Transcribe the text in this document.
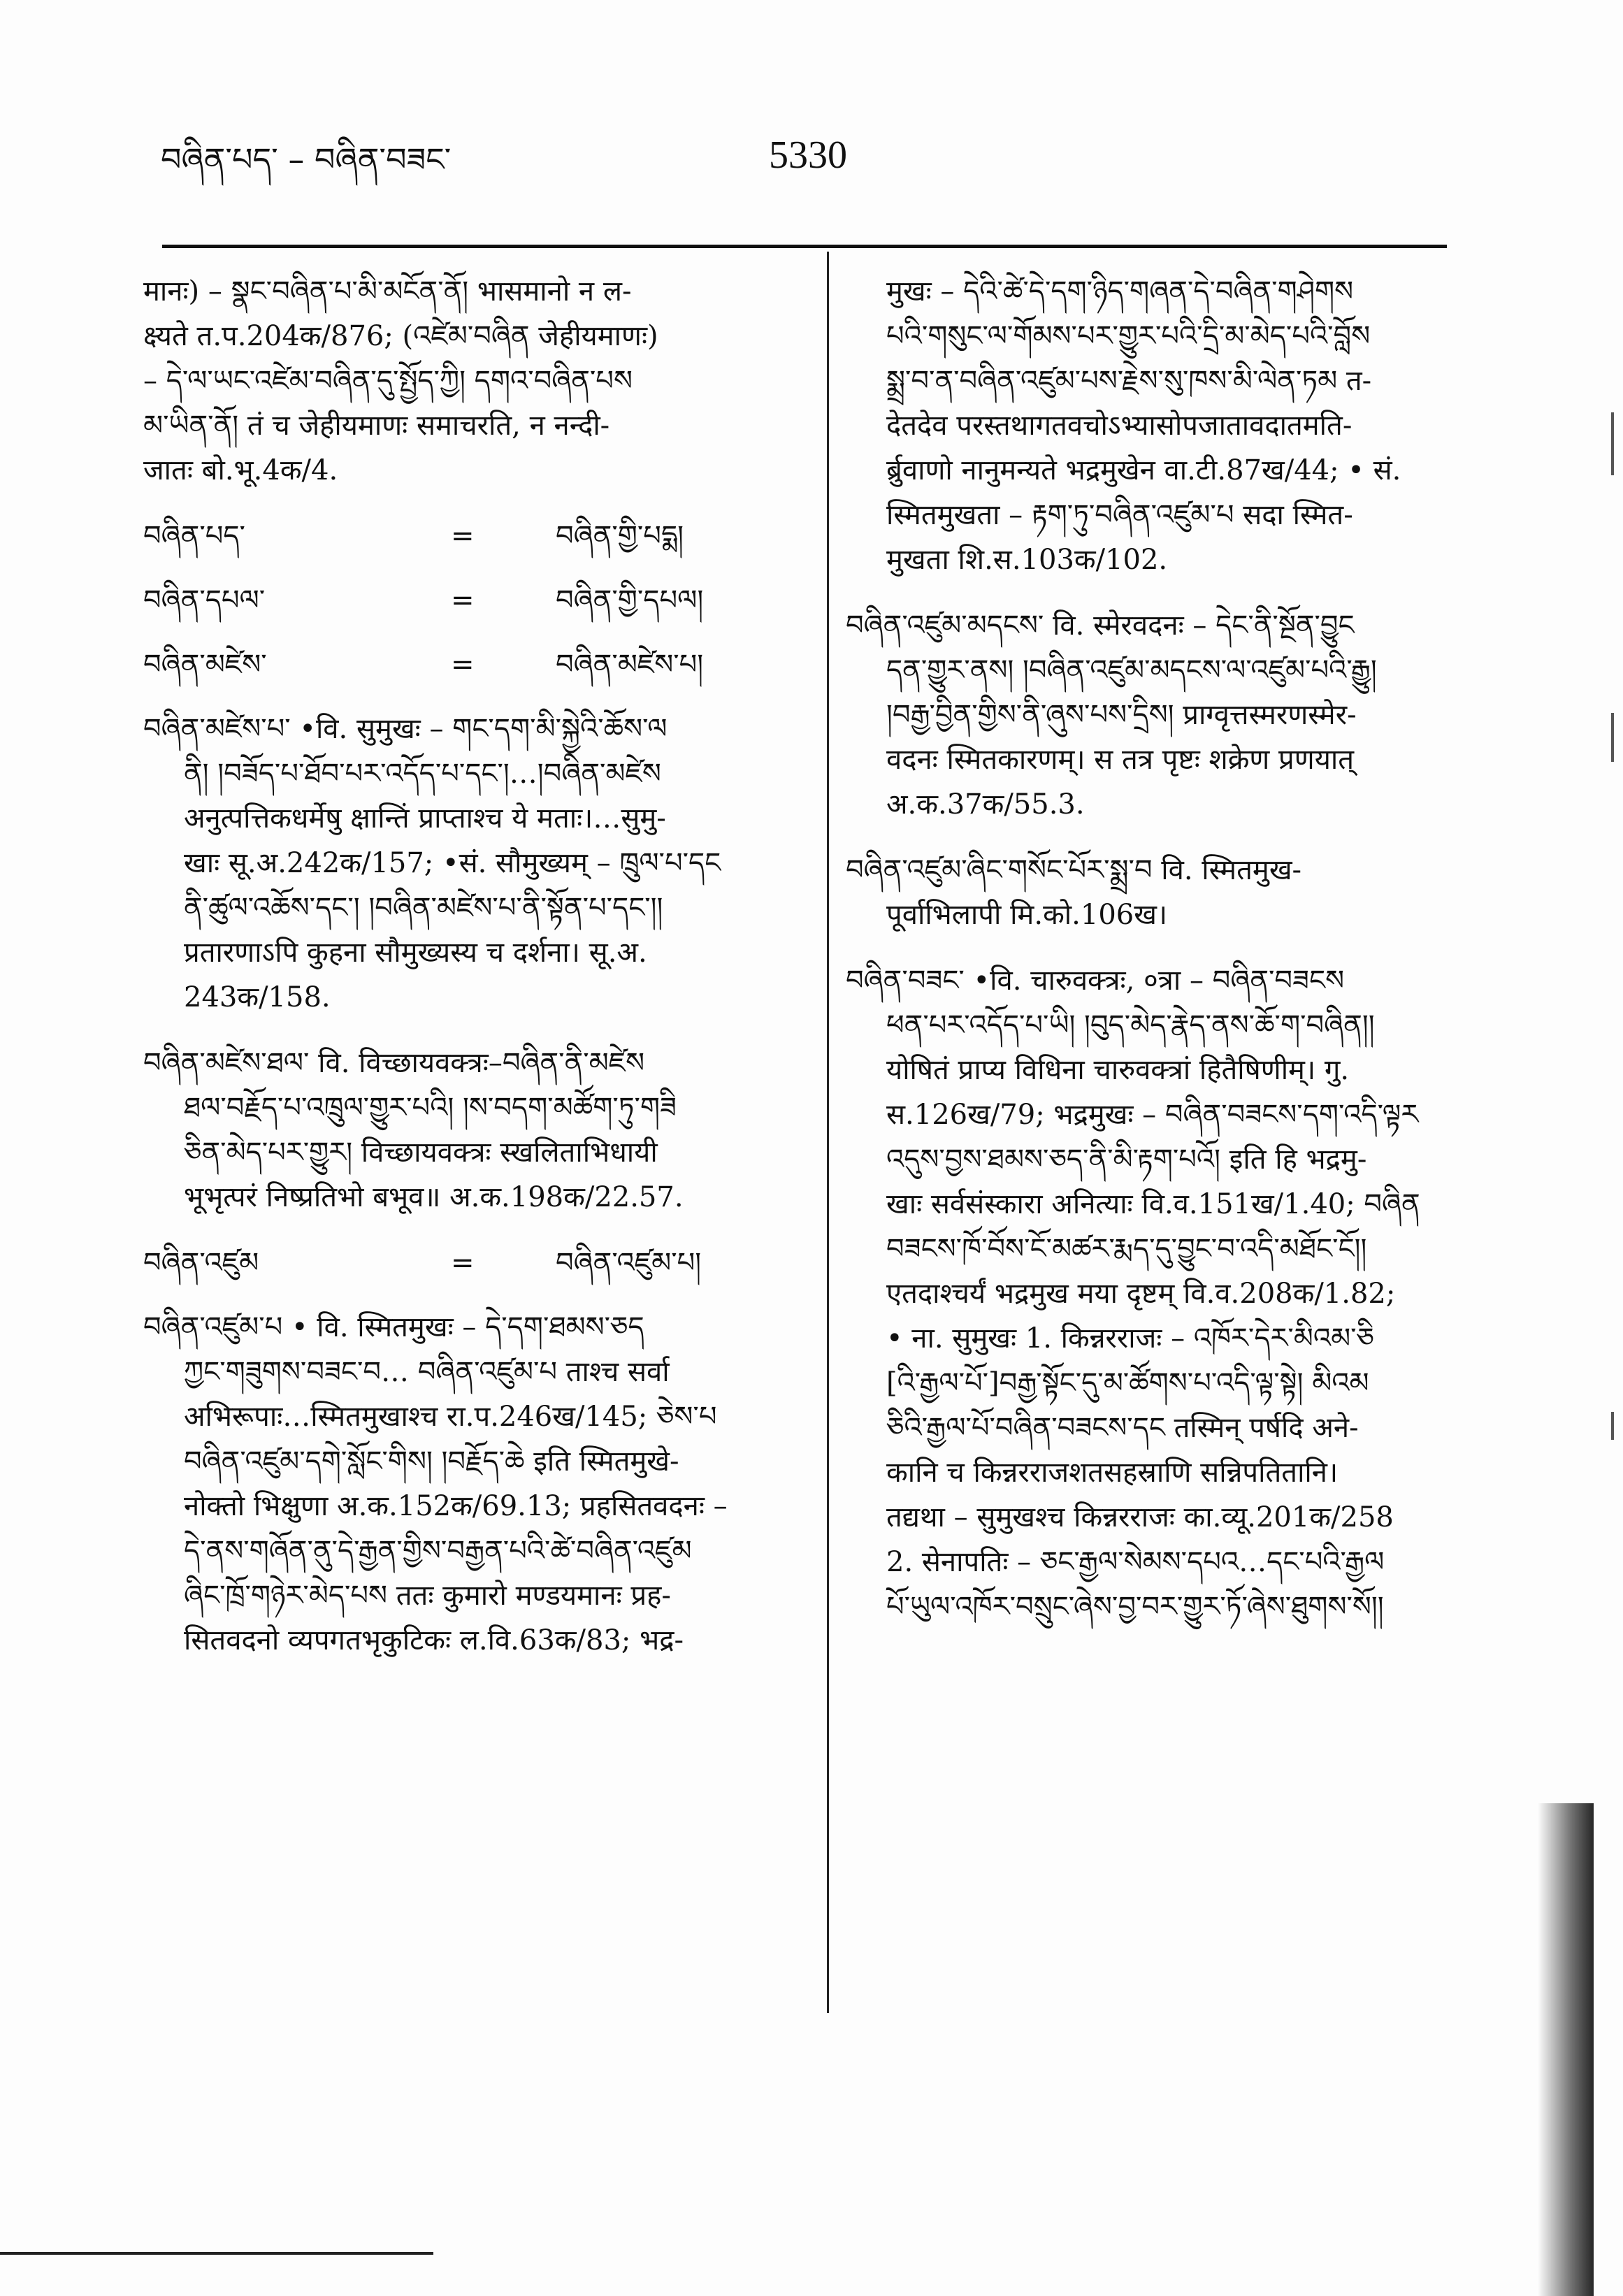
བཞིན་པད་ – བཞིན་བཟང་	5330

मानः) – སྣང་བཞིན་པ་མི་མངོན་ནོ། भासमानो न ल-

क्ष्यते त.प.204क/876; (འཛེམ་བཞིན जेहीयमाणः)

– དེ་ལ་ཡང་འཛེམ་བཞིན་དུ་སྤྱོད་ཀྱི། དགའ་བཞིན་པས

མ་ཡིན་ནོ། तं च जेहीयमाणः समाचरति, न नन्दी-

जातः बो.भू.4क/4.

བཞིན་པད་	=	བཞིན་གྱི་པདྨ།
བཞིན་དཔལ་	=	བཞིན་གྱི་དཔལ།
བཞིན་མཛེས་	=	བཞིན་མཛེས་པ།

བཞིན་མཛེས་པ་ •वि. सुमुखः – གང་དག་མི་སྐྱེའི་ཆོས་ལ

ནི། །བཟོད་པ་ཐོབ་པར་འདོད་པ་དང་།…།བཞིན་མཛེས

अनुत्पत्तिकधर्मेषु क्षान्तिं प्राप्ताश्च ये मताः।…सुमु-

खाः सू.अ.242क/157; •सं. सौमुख्यम् – ཁྲུལ་པ་དང

ནི་ཚུལ་འཆོས་དང་། །བཞིན་མཛེས་པ་ནི་སྟོན་པ་དང་།།

प्रतारणाऽपि कुहना सौमुख्यस्य च दर्शना। सू.अ.

243क/158.

བཞིན་མཛེས་ཐལ་ वि. विच्छायवक्त्रः–བཞིན་ནི་མཛེས

ཐལ་བརྗོད་པ་འཁྲུལ་གྱུར་པའི། །ས་བདག་མཚོག་ཏུ་གཟི

ཅིན་མེད་པར་གྱུར། विच्छायवक्त्रः स्खलिताभिधायी

भूभृत्परं निष्प्रतिभो बभूव॥ अ.क.198क/22.57.

བཞིན་འཛུམ	=	བཞིན་འཛུམ་པ།

བཞིན་འཛུམ་པ • वि. स्मितमुखः – དེ་དག་ཐམས་ཅད

ཀྱང་གཟུགས་བཟང་བ… བཞིན་འཛུམ་པ ताश्च सर्वा

अभिरूपाः…स्मितमुखाश्च रा.प.246ख/145; ཅེས་པ

བཞིན་འཛུམ་དགེ་སློང་གིས། །བརྗོད་ཆེ इति स्मितमुखे-

नोक्तो भिक्षुणा अ.क.152क/69.13; प्रहसितवदनः –

དེ་ནས་གཞོན་ནུ་དེ་རྒྱན་གྱིས་བརྒྱན་པའི་ཚེ་བཞིན་འཛུམ

ཞིང་ཁྲོ་གཉེར་མེད་པས ततः कुमारो मण्डयमानः प्रह-

सितवदनो व्यपगतभृकुटिकः ल.वि.63क/83; भद्र-

मुखः – དེའི་ཚེ་དེ་དག་ཉིད་གཞན་དེ་བཞིན་གཤེགས

པའི་གསུང་ལ་གོམས་པར་གྱུར་པའི་དྲི་མ་མེད་པའི་བློས

སྨྲ་བ་ན་བཞིན་འཛུམ་པས་རྗེས་སུ་ཁས་མི་ལེན་ཏམ त-

देतदेव परस्तथागतवचोऽभ्यासोपजातावदातमति-

र्ब्रुवाणो नानुमन्यते भद्रमुखेन वा.टी.87ख/44; • सं.

स्मितमुखता – རྟག་ཏུ་བཞིན་འཛུམ་པ सदा स्मित-

मुखता शि.स.103क/102.

བཞིན་འཛུམ་མདངས་ वि. स्मेरवदनः – དེང་ནི་སྔོན་བྱུང

དན་གྱུར་ནས། །བཞིན་འཛུམ་མདངས་ལ་འཛུམ་པའི་རྒྱུ།

།བརྒྱ་བྱིན་གྱིས་ནི་ཞུས་པས་དྲིས། प्राग्वृत्तस्मरणस्मेर-

वदनः स्मितकारणम्। स तत्र पृष्टः शक्रेण प्रणयात्

अ.क.37क/55.3.

བཞིན་འཛུམ་ཞིང་གསོང་པོར་སྨྲ་བ वि. स्मितमुख-

पूर्वाभिलापी मि.को.106ख।

བཞིན་བཟང་ •वि. चारुवक्त्रः, ०त्रा – བཞིན་བཟངས

ཕན་པར་འདོད་པ་ཡི། །བུད་མེད་རྣེད་ནས་ཆོ་ག་བཞིན།།

योषितं प्राप्य विधिना चारुवक्त्रां हितैषिणीम्। गु.

स.126ख/79; भद्रमुखः – བཞིན་བཟངས་དག་འདི་ལྟར

འདུས་བྱས་ཐམས་ཅད་ནི་མི་རྟག་པའོ། इति हि भद्रमु-

खाः सर्वसंस्कारा अनित्याः वि.व.151ख/1.40; བཞིན

བཟངས་ཁོ་བོས་ངོ་མཚར་རྨད་དུ་བྱུང་བ་འདི་མཐོང་ངོ།།

एतदाश्चर्यं भद्रमुख मया दृष्टम् वि.व.208क/1.82;

• ना. सुमुखः 1. किन्नरराजः – འཁོར་དེར་མིའམ་ཅི

[འི་རྒྱལ་པོ་]བརྒྱ་སྟོང་དུ་མ་ཚོགས་པ་འདི་ལྟ་སྟེ། མིའམ

ཅིའི་རྒྱལ་པོ་བཞིན་བཟངས་དང तस्मिन् पर्षदि अने-

कानि च किन्नरराजशतसहस्राणि सन्निपतितानि।

तद्यथा – सुमुखश्च किन्नरराजः का.व्यू.201क/258

2. सेनापतिः – ཅང་རྒྱལ་སེམས་དཔའ…དང་པའི་རྒྱལ

པོ་ཡུལ་འཁོར་བསྲུང་ཞེས་བྱ་བར་གྱུར་ཏོ་ཞེས་ཐུགས་སོ།།
